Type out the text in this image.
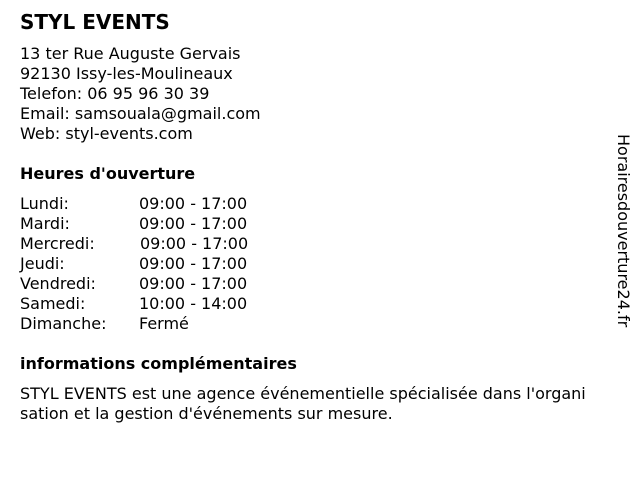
STYL EVENTS
13 ter Rue Auguste Gervais
92130 Issy-les-Moulineaux
Telefon: 06 95 96 30 39
Email: samsouala@gmail.com
Web: styl-events.com
Heures d'ouverture
Lundi:	09:00 - 17:00
Mardi:	09:00 - 17:00
Mercredi:	09:00 - 17:00
Jeudi:	09:00 - 17:00
Vendredi:	09:00 - 17:00
Samedi:	10:00 - 14:00
Dimanche: Fermé
informations complémentaires
STYL EVENTS est une agence événementielle spécialisée dans l'organisation et la gestion d'événements sur mesure.
Horairesdouverture24.fr
